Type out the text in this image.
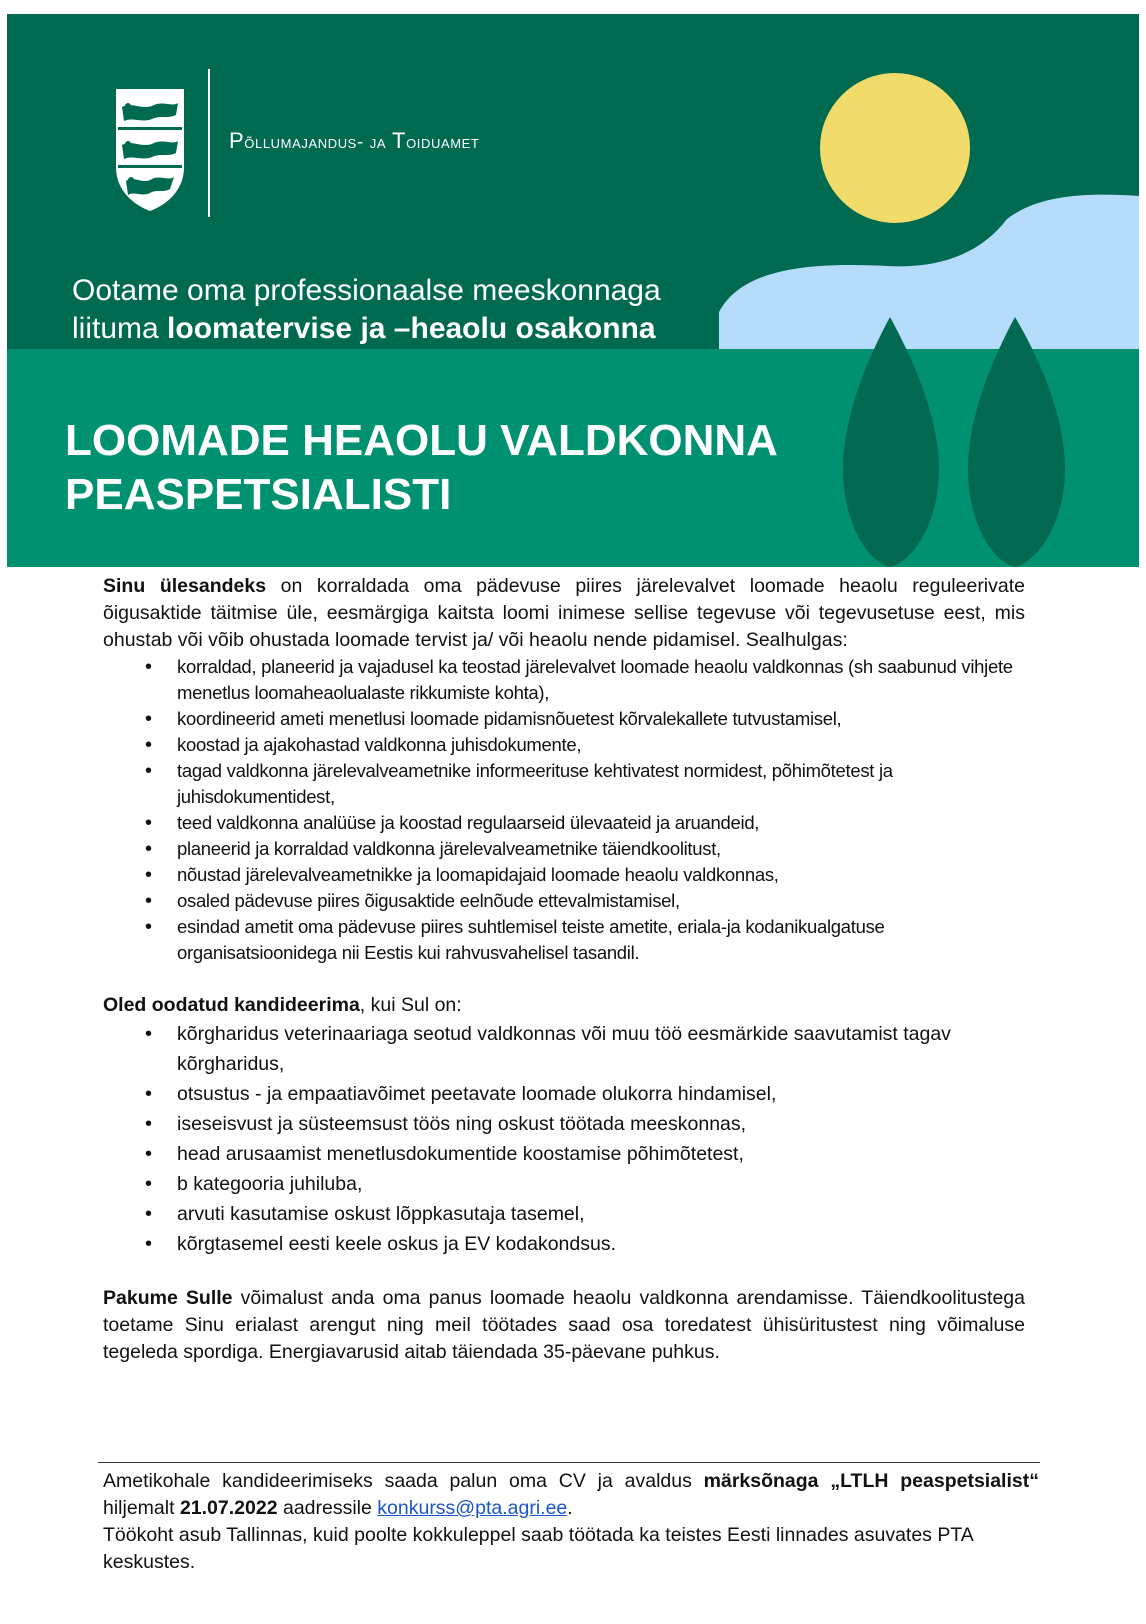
Põllumajandus- ja Toiduamet
Ootame oma professionaalse meeskonnaga
liituma loomatervise ja –heaolu osakonna
LOOMADE HEAOLU VALDKONNA
PEASPETSIALISTI

Sinu ülesandeks on korraldada oma pädevuse piires järelevalvet loomade heaolu reguleerivate õigusaktide täitmise üle, eesmärgiga kaitsta loomi inimese sellise tegevuse või tegevusetuse eest, mis ohustab või võib ohustada loomade tervist ja/ või heaolu nende pidamisel. Sealhulgas:

• korraldad, planeerid ja vajadusel ka teostad järelevalvet loomade heaolu valdkonnas (sh saabunud vihjete menetlus loomaheaolualaste rikkumiste kohta),
• koordineerid ameti menetlusi loomade pidamisnõuetest kõrvalekallete tutvustamisel,
• koostad ja ajakohastad valdkonna juhisdokumente,
• tagad valdkonna järelevalveametnike informeerituse kehtivatest normidest, põhimõtetest ja juhisdokumentidest,
• teed valdkonna analüüse ja koostad regulaarseid ülevaateid ja aruandeid,
• planeerid ja korraldad valdkonna järelevalveametnike täiendkoolitust,
• nõustad järelevalveametnikke ja loomapidajaid loomade heaolu valdkonnas,
• osaled pädevuse piires õigusaktide eelnõude ettevalmistamisel,
• esindad ametit oma pädevuse piires suhtlemisel teiste ametite, eriala-ja kodanikualgatuse organisatsioonidega nii Eestis kui rahvusvahelisel tasandil.

Oled oodatud kandideerima, kui Sul on:

• kõrgharidus veterinaariaga seotud valdkonnas või muu töö eesmärkide saavutamist tagav kõrgharidus,
• otsustus - ja empaatiavõimet peetavate loomade olukorra hindamisel,
• iseseisvust ja süsteemsust töös ning oskust töötada meeskonnas,
• head arusaamist menetlusdokumentide koostamise põhimõtetest,
• b kategooria juhiluba,
• arvuti kasutamise oskust lõppkasutaja tasemel,
• kõrgtasemel eesti keele oskus ja EV kodakondsus.

Pakume Sulle võimalust anda oma panus loomade heaolu valdkonna arendamisse. Täiendkoolitustega toetame Sinu erialast arengut ning meil töötades saad osa toredatest ühisüritustest ning võimaluse tegeleda spordiga. Energiavarusid aitab täiendada 35-päevane puhkus.

Ametikohale kandideerimiseks saada palun oma CV ja avaldus märksõnaga „LTLH peaspetsialist“ hiljemalt 21.07.2022 aadressile konkurss@pta.agri.ee.

Töökoht asub Tallinnas, kuid poolte kokkuleppel saab töötada ka teistes Eesti linnades asuvates PTA keskustes.
